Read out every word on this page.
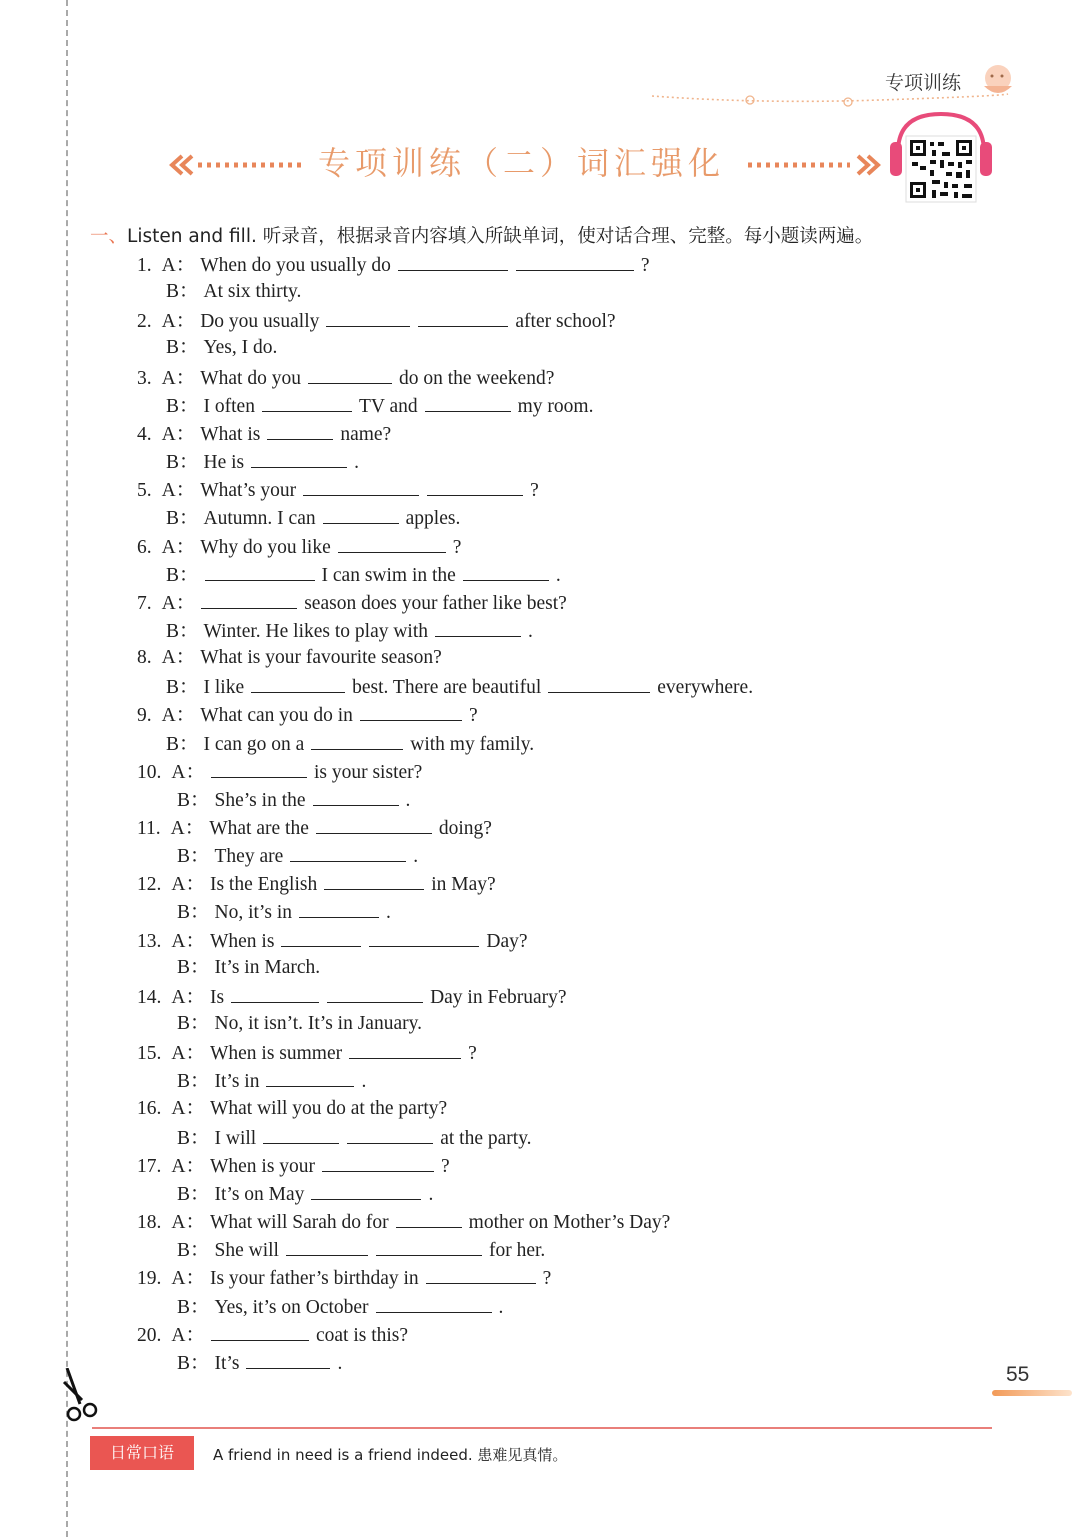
专项训练
专项训练（二）词汇强化
一、Listen and fill. 听录音，根据录音内容填入所缺单词，使对话合理、完整。每小题读两遍。
1. A： When do you usually do	?
B： At six thirty.
2. A： Do you usually	after school?
B： Yes, I do.
3. A： What do you	do on the weekend?
B： I often	TV and	my room.
4. A： What is	name?
B： He is	.
5. A： What’s your	?
B： Autumn. I can	apples.
6. A： Why do you like	?
B：	I can swim in the	.
7. A：	season does your father like best?
B： Winter. He likes to play with	.
8. A： What is your favourite season?
B： I like	best. There are beautiful	everywhere.
9. A： What can you do in	?
B： I can go on a	with my family.
10. A：	is your sister?
B： She’s in the	.
11. A： What are the	doing?
B： They are	.
12. A： Is the English	in May?
B： No, it’s in	.
13. A： When is	Day?
B： It’s in March.
14. A： Is	Day in February?
B： No, it isn’t. It’s in January.
15. A： When is summer	?
B： It’s in	.
16. A： What will you do at the party?
B： I will	at the party.
17. A： When is your	?
B： It’s on May	.
18. A： What will Sarah do for	mother on Mother’s Day?
B： She will	for her.
19. A： Is your father’s birthday in	?
B： Yes, it’s on October	.
20. A：	coat is this?
B： It’s	.	55
日常口语	A friend in need is a friend indeed. 患难见真情。
